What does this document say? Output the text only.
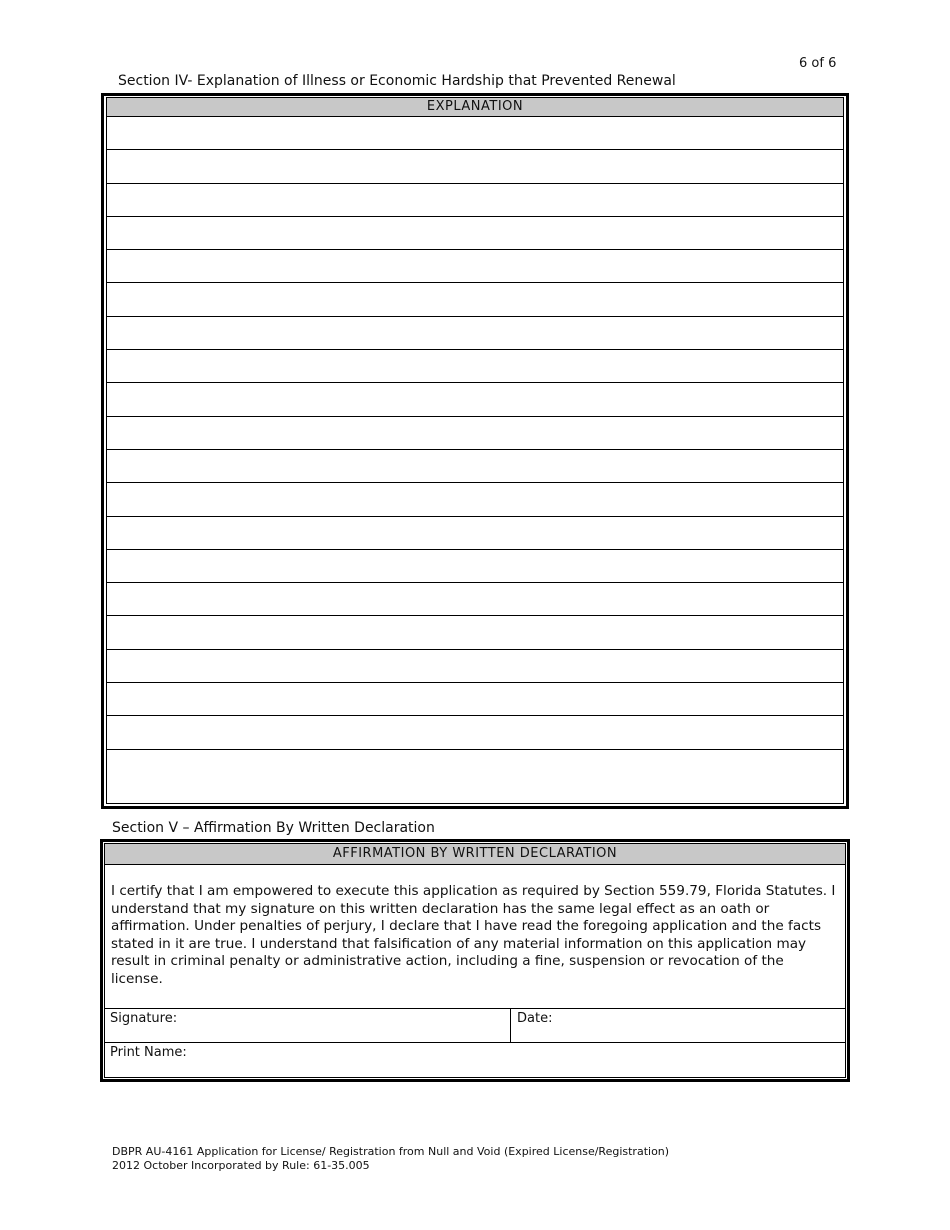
6 of 6
Section IV- Explanation of Illness or Economic Hardship that Prevented Renewal
EXPLANATION
Section V – Affirmation By Written Declaration
AFFIRMATION BY WRITTEN DECLARATION
I certify that I am empowered to execute this application as required by Section 559.79, Florida Statutes. I understand that my signature on this written declaration has the same legal effect as an oath or affirmation. Under penalties of perjury, I declare that I have read the foregoing application and the facts stated in it are true. I understand that falsification of any material information on this application may result in criminal penalty or administrative action, including a fine, suspension or revocation of the license.
Signature:	Date:
Print Name:
DBPR AU-4161 Application for License/ Registration from Null and Void (Expired License/Registration)
2012 October Incorporated by Rule: 61-35.005
